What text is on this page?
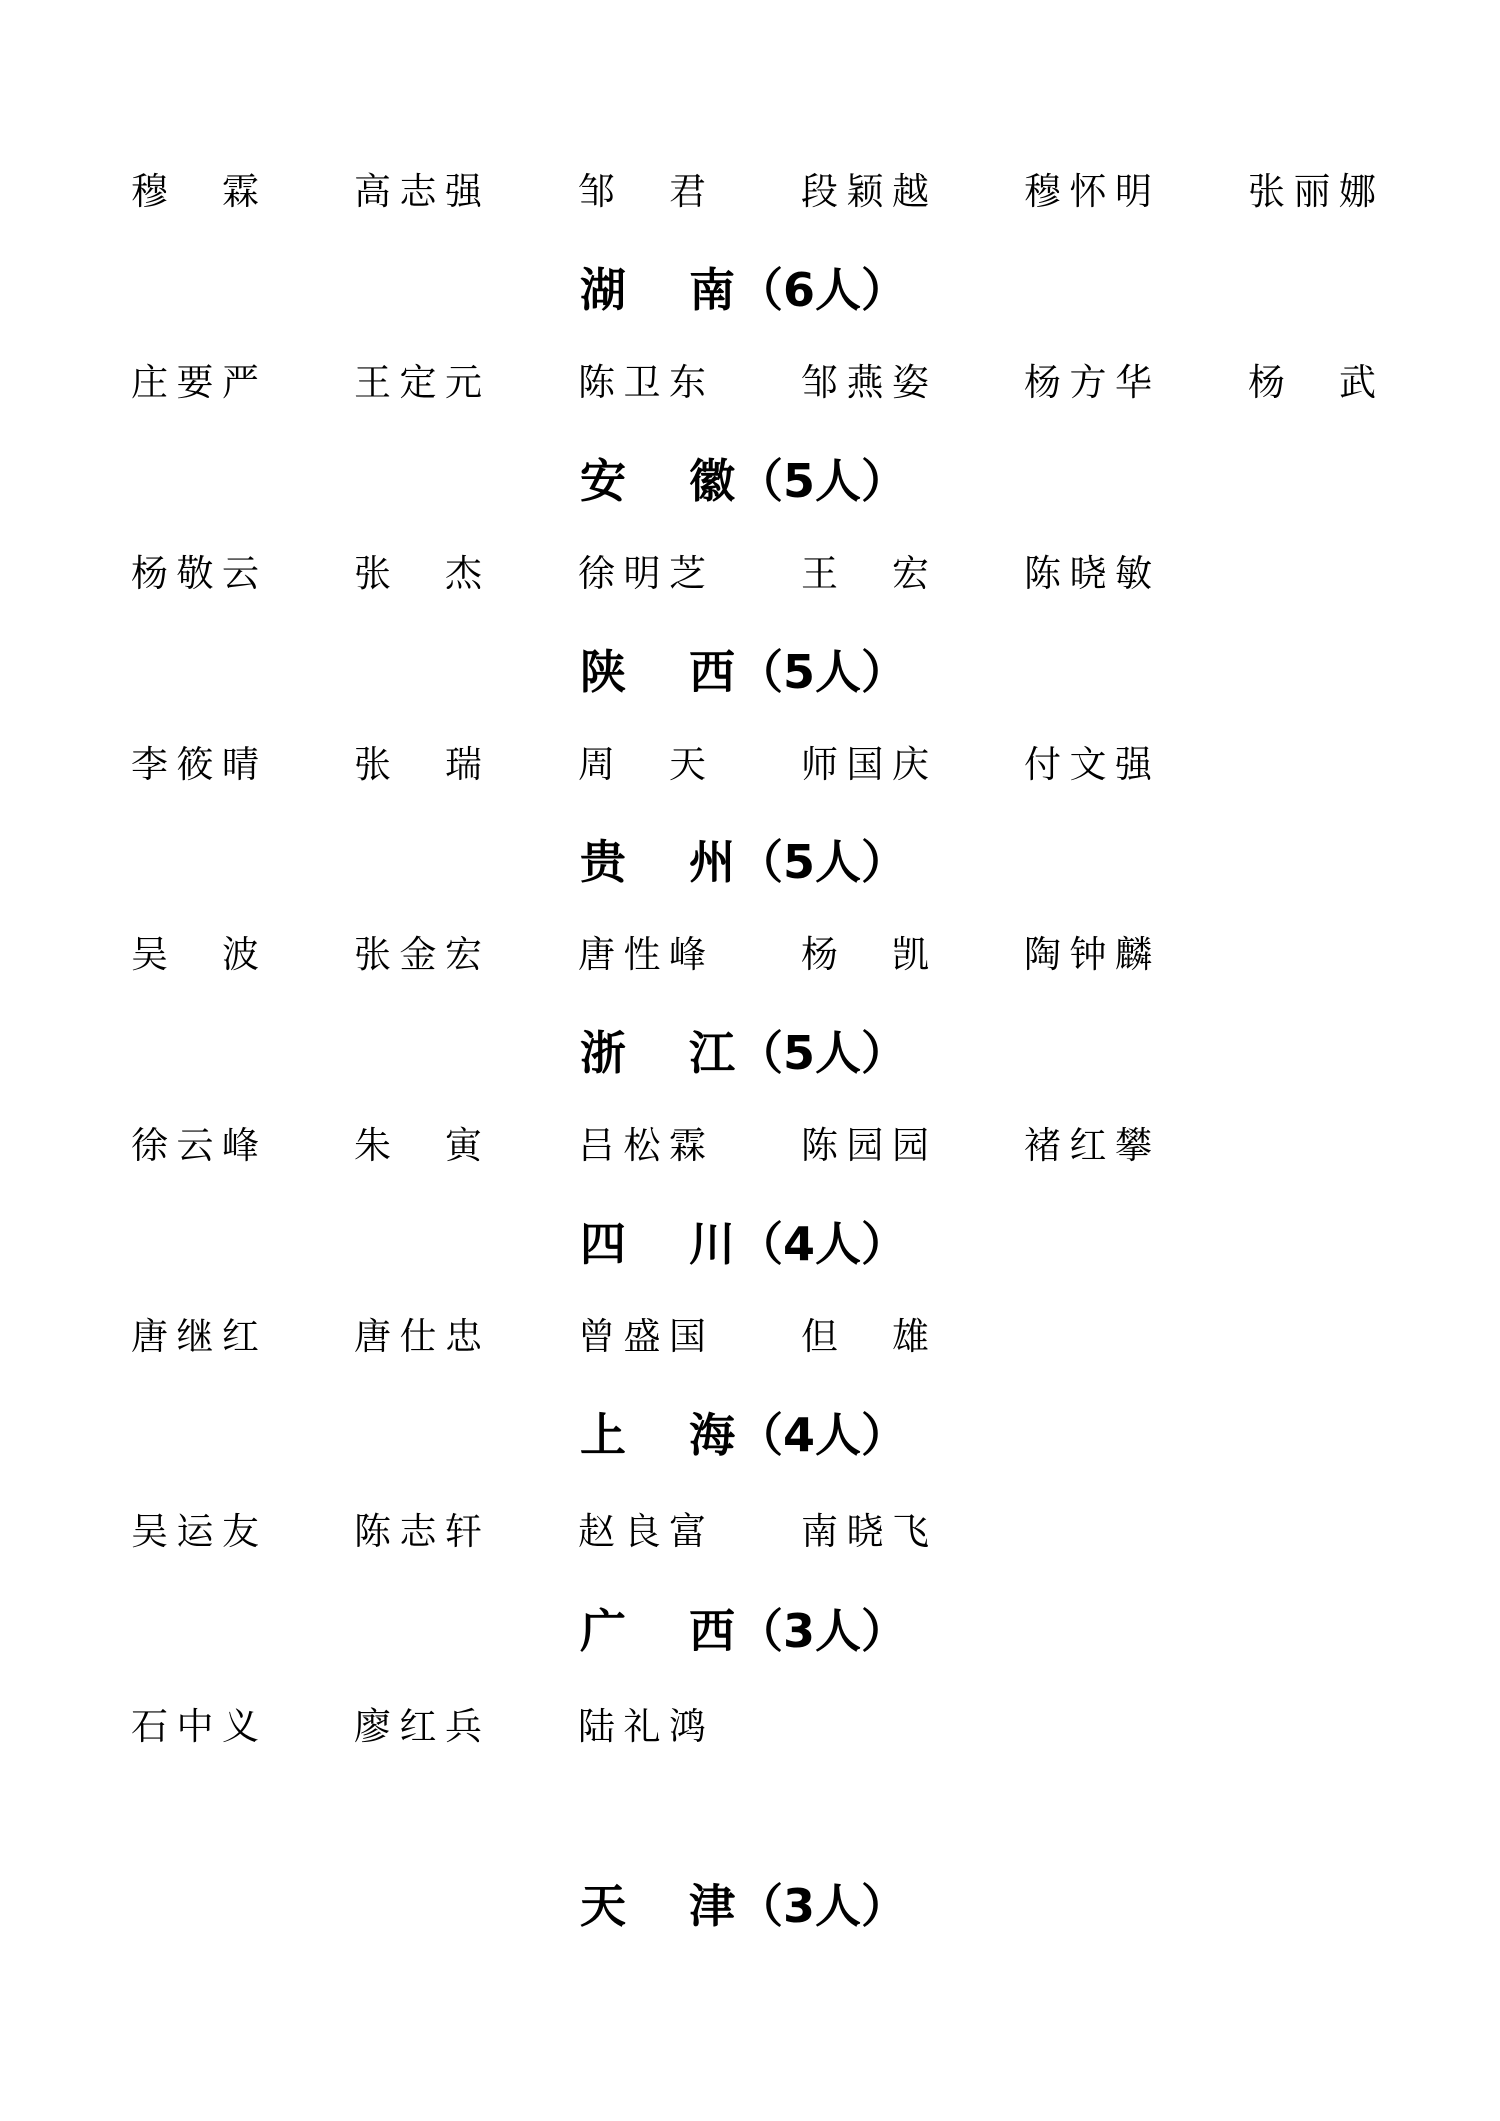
穆 霖	高志强	邹 君	段颖越	穆怀明	张丽娜
湖 南（6人）
庄要严	王定元	陈卫东	邹燕姿	杨方华	杨 武
安 徽（5人）
杨敬云	张 杰	徐明芝	王 宏	陈晓敏
陕 西（5人）
李筱晴	张 瑞	周 天	师国庆	付文强
贵 州（5人）
吴 波	张金宏	唐性峰	杨 凯	陶钟麟
浙 江（5人）
徐云峰	朱 寅	吕松霖	陈园园	褚红攀
四 川（4人）
唐继红	唐仕忠	曾盛国	但 雄
上 海（4人）
吴运友	陈志轩	赵良富	南晓飞
广 西（3人）
石中义	廖红兵	陆礼鸿
天 津（3人）
